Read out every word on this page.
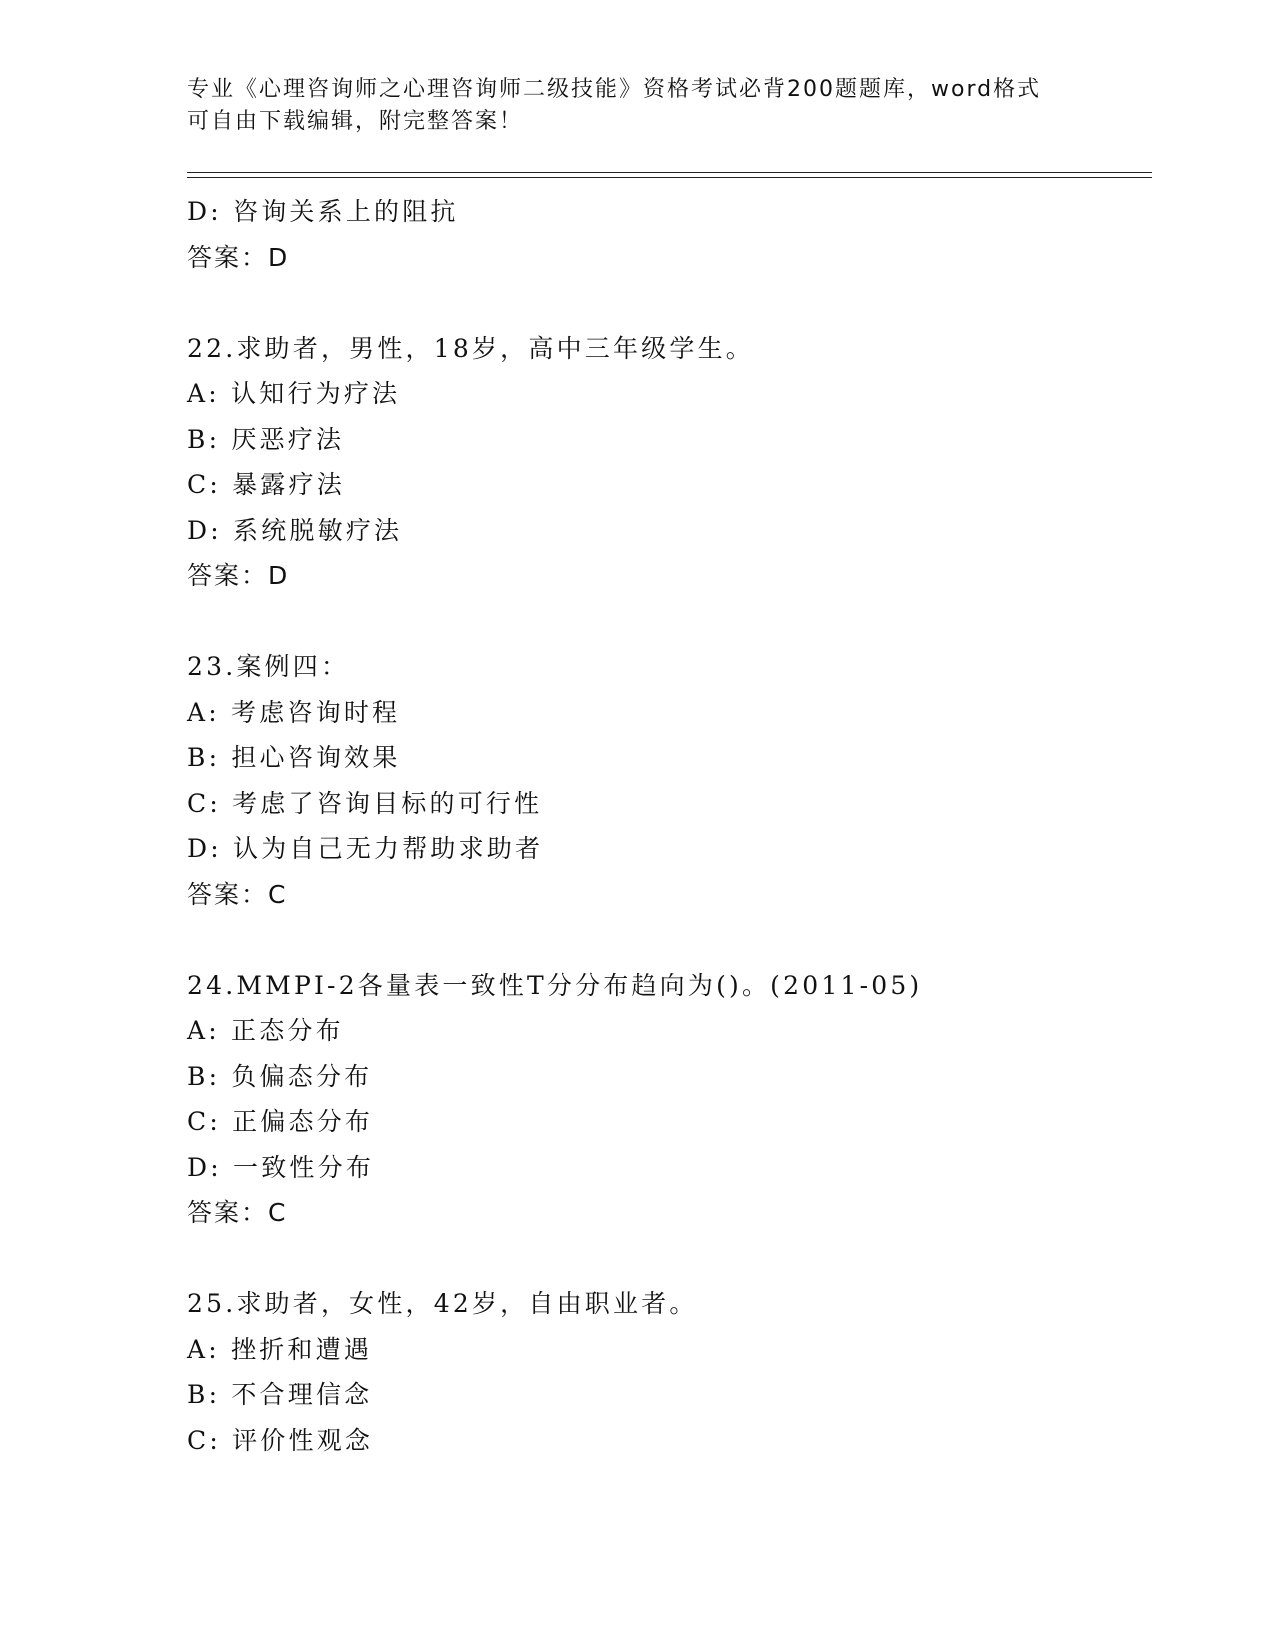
专业《心理咨询师之心理咨询师二级技能》资格考试必背200题题库，word格式
可自由下载编辑，附完整答案！
D: 咨询关系上的阻抗
答案：D
22.求助者，男性，18岁，高中三年级学生。
A: 认知行为疗法
B: 厌恶疗法
C: 暴露疗法
D: 系统脱敏疗法
答案：D
23.案例四：
A: 考虑咨询时程
B: 担心咨询效果
C: 考虑了咨询目标的可行性
D: 认为自己无力帮助求助者
答案：C
24.MMPI-2各量表一致性T分分布趋向为()。(2011-05)
A: 正态分布
B: 负偏态分布
C: 正偏态分布
D: 一致性分布
答案：C
25.求助者，女性，42岁，自由职业者。
A: 挫折和遭遇
B: 不合理信念
C: 评价性观念
